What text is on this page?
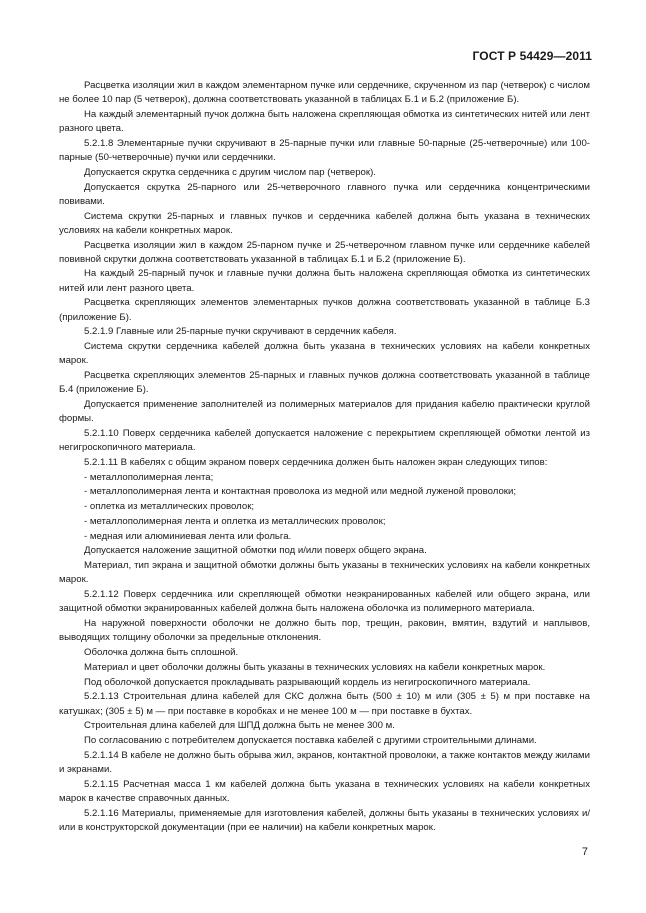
ГОСТ Р 54429—2011

Расцветка изоляции жил в каждом элементарном пучке или сердечнике, скрученном из пар (четверок) с числом не более 10 пар (5 четверок), должна соответствовать указанной в таблицах Б.1 и Б.2 (приложение Б).

На каждый элементарный пучок должна быть наложена скрепляющая обмотка из синтетических нитей или лент разного цвета.

5.2.1.8 Элементарные пучки скручивают в 25-парные пучки или главные 50-парные (25-четверочные) или 100-парные (50-четверочные) пучки или сердечники.

Допускается скрутка сердечника с другим числом пар (четверок).

Допускается скрутка 25-парного или 25-четверочного главного пучка или сердечника концентрическими повивами.

Система скрутки 25-парных и главных пучков и сердечника кабелей должна быть указана в технических условиях на кабели конкретных марок.

Расцветка изоляции жил в каждом 25-парном пучке и 25-четверочном главном пучке или сердечнике кабелей повивной скрутки должна соответствовать указанной в таблицах Б.1 и Б.2 (приложение Б).

На каждый 25-парный пучок и главные пучки должна быть наложена скрепляющая обмотка из синтетических нитей или лент разного цвета.

Расцветка скрепляющих элементов элементарных пучков должна соответствовать указанной в таблице Б.3 (приложение Б).

5.2.1.9 Главные или 25-парные пучки скручивают в сердечник кабеля.

Система скрутки сердечника кабелей должна быть указана в технических условиях на кабели конкретных марок.

Расцветка скрепляющих элементов 25-парных и главных пучков должна соответствовать указанной в таблице Б.4 (приложение Б).

Допускается применение заполнителей из полимерных материалов для придания кабелю практически круглой формы.

5.2.1.10 Поверх сердечника кабелей допускается наложение с перекрытием скрепляющей обмотки лентой из негигроскопичного материала.

5.2.1.11 В кабелях с общим экраном поверх сердечника должен быть наложен экран следующих типов:

- металлополимерная лента;

- металлополимерная лента и контактная проволока из медной или медной луженой проволоки;

- оплетка из металлических проволок;

- металлополимерная лента и оплетка из металлических проволок;

- медная или алюминиевая лента или фольга.

Допускается наложение защитной обмотки под и/или поверх общего экрана.

Материал, тип экрана и защитной обмотки должны быть указаны в технических условиях на кабели конкретных марок.

5.2.1.12 Поверх сердечника или скрепляющей обмотки неэкранированных кабелей или общего экрана, или защитной обмотки экранированных кабелей должна быть наложена оболочка из полимерного материала.

На наружной поверхности оболочки не должно быть пор, трещин, раковин, вмятин, вздутий и наплывов, выводящих толщину оболочки за предельные отклонения.

Оболочка должна быть сплошной.

Материал и цвет оболочки должны быть указаны в технических условиях на кабели конкретных марок.

Под оболочкой допускается прокладывать разрывающий кордель из негигроскопичного материала.

5.2.1.13 Строительная длина кабелей для СКС должна быть (500 ± 10) м или (305 ± 5) м при поставке на катушках; (305 ± 5) м — при поставке в коробках и не менее 100 м — при поставке в бухтах.

Строительная длина кабелей для ШПД должна быть не менее 300 м.

По согласованию с потребителем допускается поставка кабелей с другими строительными длинами.

5.2.1.14 В кабеле не должно быть обрыва жил, экранов, контактной проволоки, а также контактов между жилами и экранами.

5.2.1.15 Расчетная масса 1 км кабелей должна быть указана в технических условиях на кабели конкретных марок в качестве справочных данных.

5.2.1.16 Материалы, применяемые для изготовления кабелей, должны быть указаны в технических условиях и/или в конструкторской документации (при ее наличии) на кабели конкретных марок.

7
